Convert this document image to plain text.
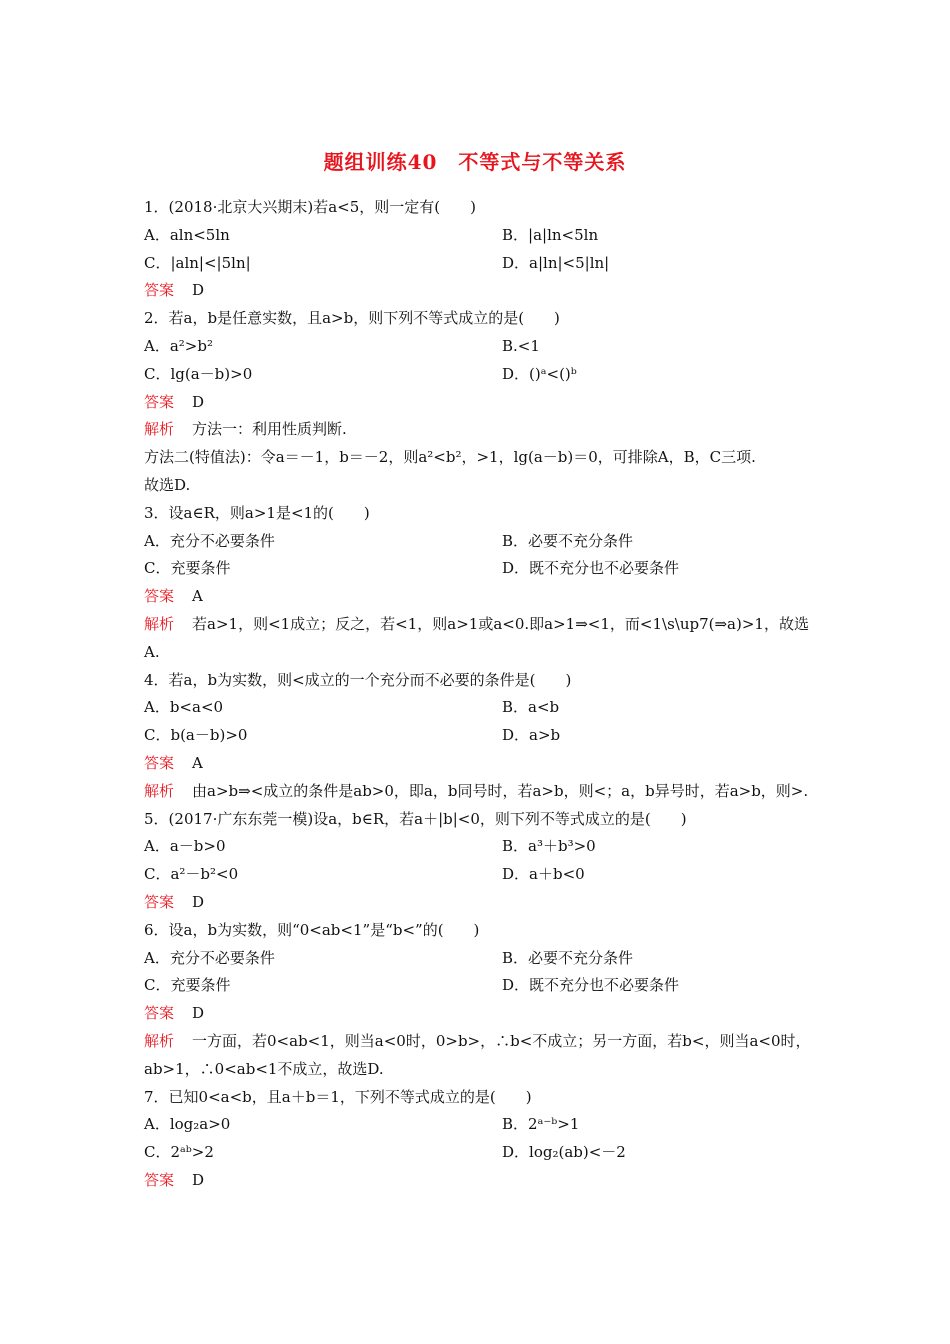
题组训练40　不等式与不等关系
1．(2018·北京大兴期末)若a<5，则一定有(　　)
A．aln<5ln	B．|a|ln<5ln
C．|aln|<|5ln|	D．a|ln|<5|ln|
答案 D
2．若a，b是任意实数，且a>b，则下列不等式成立的是(　　)
A．a²>b²	B.<1
C．lg(a－b)>0	D．()ᵃ<()ᵇ
答案 D
解析 方法一：利用性质判断.
方法二(特值法)：令a＝－1，b＝－2，则a²<b²，>1，lg(a－b)＝0，可排除A，B，C三项.
故选D.
3．设a∈R，则a>1是<1的(　　)
A．充分不必要条件	B．必要不充分条件
C．充要条件	D．既不充分也不必要条件
答案 A
解析 若a>1，则<1成立；反之，若<1，则a>1或a<0.即a>1⇒<1，而<1\s\up7(⇒a)>1，故选A.
4．若a，b为实数，则<成立的一个充分而不必要的条件是(　　)
A．b<a<0	B．a<b
C．b(a－b)>0	D．a>b
答案 A
解析 由a>b⇒<成立的条件是ab>0，即a，b同号时，若a>b，则<；a，b异号时，若a>b，则>.
5．(2017·广东东莞一模)设a，b∈R，若a＋|b|<0，则下列不等式成立的是(　　)
A．a－b>0	B．a³＋b³>0
C．a²－b²<0	D．a＋b<0
答案 D
6．设a，b为实数，则“0<ab<1”是“b<”的(　　)
A．充分不必要条件	B．必要不充分条件
C．充要条件	D．既不充分也不必要条件
答案 D
解析 一方面，若0<ab<1，则当a<0时，0>b>，∴b<不成立；另一方面，若b<，则当a<0时，ab>1，∴0<ab<1不成立，故选D.
7．已知0<a<b，且a＋b＝1，下列不等式成立的是(　　)
A．log₂a>0	B．2ᵃ⁻ᵇ>1
C．2ᵃᵇ>2	D．log₂(ab)<－2
答案 D
